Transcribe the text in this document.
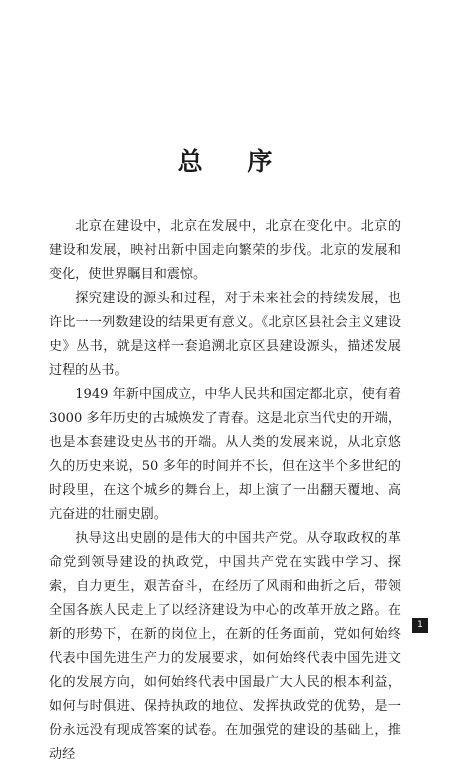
总 序

北京在建设中，北京在发展中，北京在变化中。北京的建设和发展，映衬出新中国走向繁荣的步伐。北京的发展和变化，使世界瞩目和震惊。

探究建设的源头和过程，对于未来社会的持续发展，也许比一一列数建设的结果更有意义。《北京区县社会主义建设史》丛书，就是这样一套追溯北京区县建设源头，描述发展过程的丛书。

1949 年新中国成立，中华人民共和国定都北京，使有着 3000 多年历史的古城焕发了青春。这是北京当代史的开端，也是本套建设史丛书的开端。从人类的发展来说，从北京悠久的历史来说，50 多年的时间并不长，但在这半个多世纪的时段里，在这个城乡的舞台上，却上演了一出翻天覆地、高亢奋进的壮丽史剧。

执导这出史剧的是伟大的中国共产党。从夺取政权的革命党到领导建设的执政党，中国共产党在实践中学习、探索，自力更生，艰苦奋斗，在经历了风雨和曲折之后，带领全国各族人民走上了以经济建设为中心的改革开放之路。在新的形势下，在新的岗位上，在新的任务面前，党如何始终代表中国先进生产力的发展要求，如何始终代表中国先进文化的发展方向，如何始终代表中国最广大人民的根本利益，如何与时俱进、保持执政的地位、发挥执政党的优势，是一份永远没有现成答案的试卷。在加强党的建设的基础上，推动经

1
